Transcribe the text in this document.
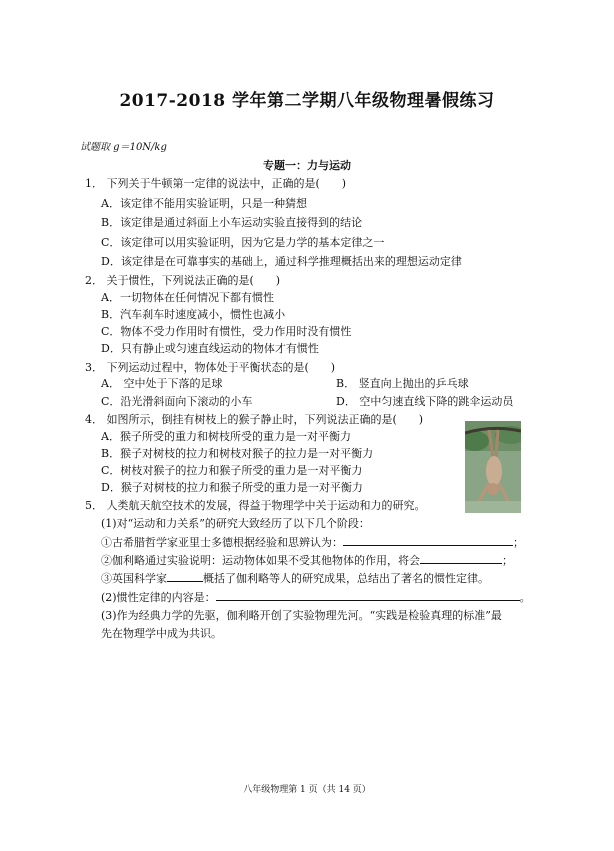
2017-2018 学年第二学期八年级物理暑假练习
试题取 g＝10N/kg
专题一：力与运动
1． 下列关于牛顿第一定律的说法中，正确的是(　　)
A．该定律不能用实验证明，只是一种猜想
B．该定律是通过斜面上小车运动实验直接得到的结论
C．该定律可以用实验证明，因为它是力学的基本定律之一
D．该定律是在可靠事实的基础上，通过科学推理概括出来的理想运动定律
2． 关于惯性，下列说法正确的是(　　)
A．一切物体在任何情况下都有惯性
B．汽车刹车时速度减小，惯性也减小
C．物体不受力作用时有惯性，受力作用时没有惯性
D．只有静止或匀速直线运动的物体才有惯性
3． 下列运动过程中，物体处于平衡状态的是(　　)
A． 空中处于下落的足球	B． 竖直向上抛出的乒乓球
C．沿光滑斜面向下滚动的小车	D． 空中匀速直线下降的跳伞运动员
4． 如图所示，倒挂有树枝上的猴子静止时，下列说法正确的是(　　)
A．猴子所受的重力和树枝所受的重力是一对平衡力
B．猴子对树枝的拉力和树枝对猴子的拉力是一对平衡力
C．树枝对猴子的拉力和猴子所受的重力是一对平衡力
D．猴子对树枝的拉力和猴子所受的重力是一对平衡力
5． 人类航天航空技术的发展，得益于物理学中关于运动和力的研究。
(1)对“运动和力关系”的研究大致经历了以下几个阶段：
①古希腊哲学家亚里士多德根据经验和思辨认为：	；
②伽利略通过实验说明：运动物体如果不受其他物体的作用，将会	；
③英国科学家	概括了伽利略等人的研究成果，总结出了著名的惯性定律。
(2)惯性定律的内容是：	。
(3)作为经典力学的先驱，伽利略开创了实验物理先河。“实践是检验真理的标准”最
先在物理学中成为共识。
八年级物理第 1 页（共 14 页）
